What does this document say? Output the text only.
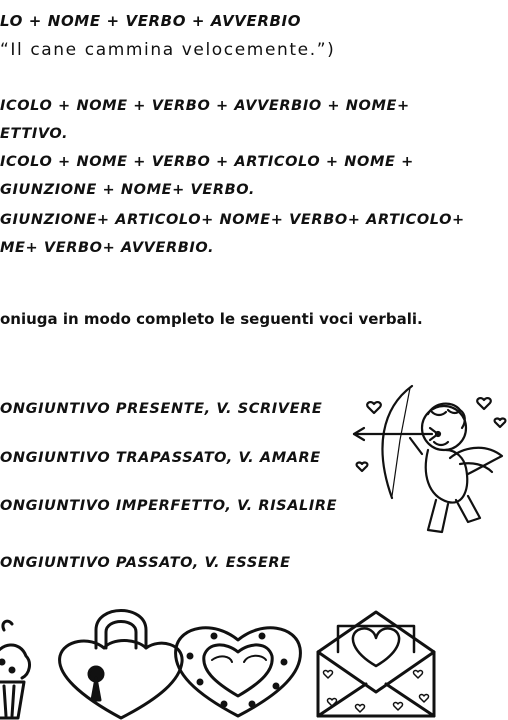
LO + NOME + VERBO + AVVERBIO
“Il cane cammina velocemente.”)
ICOLO + NOME + VERBO + AVVERBIO + NOME+
ETTIVO.
ICOLO + NOME + VERBO + ARTICOLO + NOME +
GIUNZIONE + NOME+ VERBO.
GIUNZIONE+ ARTICOLO+ NOME+ VERBO+ ARTICOLO+
ME+ VERBO+ AVVERBIO.
oniuga in modo completo le seguenti voci verbali.
ONGIUNTIVO PRESENTE, V. SCRIVERE
ONGIUNTIVO TRAPASSATO, V. AMARE
ONGIUNTIVO IMPERFETTO, V. RISALIRE
ONGIUNTIVO PASSATO, V. ESSERE
